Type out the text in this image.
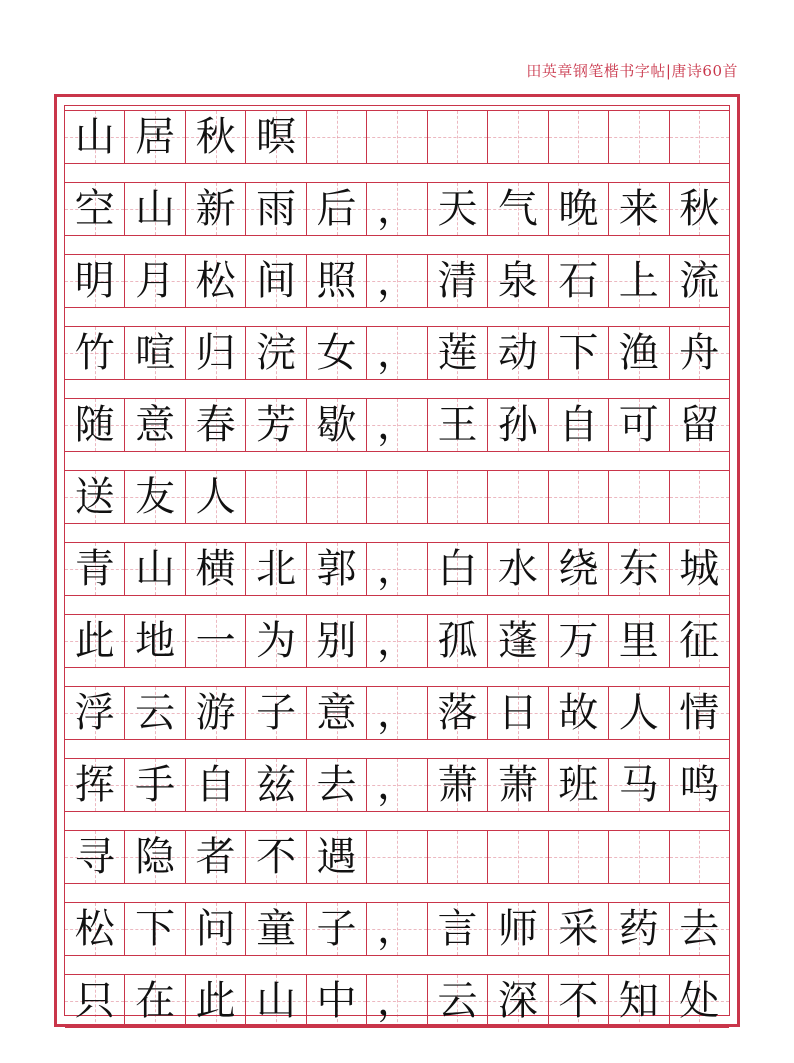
田英章钢笔楷书字帖|唐诗60首
山 居 秋 暝
空 山 新 雨 后 ， 天 气 晚 来 秋
明 月 松 间 照 ， 清 泉 石 上 流
竹 喧 归 浣 女 ， 莲 动 下 渔 舟
随 意 春 芳 歇 ， 王 孙 自 可 留
送 友 人
青 山 横 北 郭 ， 白 水 绕 东 城
此 地 一 为 别 ， 孤 蓬 万 里 征
浮 云 游 子 意 ， 落 日 故 人 情
挥 手 自 兹 去 ， 萧 萧 班 马 鸣
寻 隐 者 不 遇
松 下 问 童 子 ， 言 师 采 药 去
只 在 此 山 中 ， 云 深 不 知 处
